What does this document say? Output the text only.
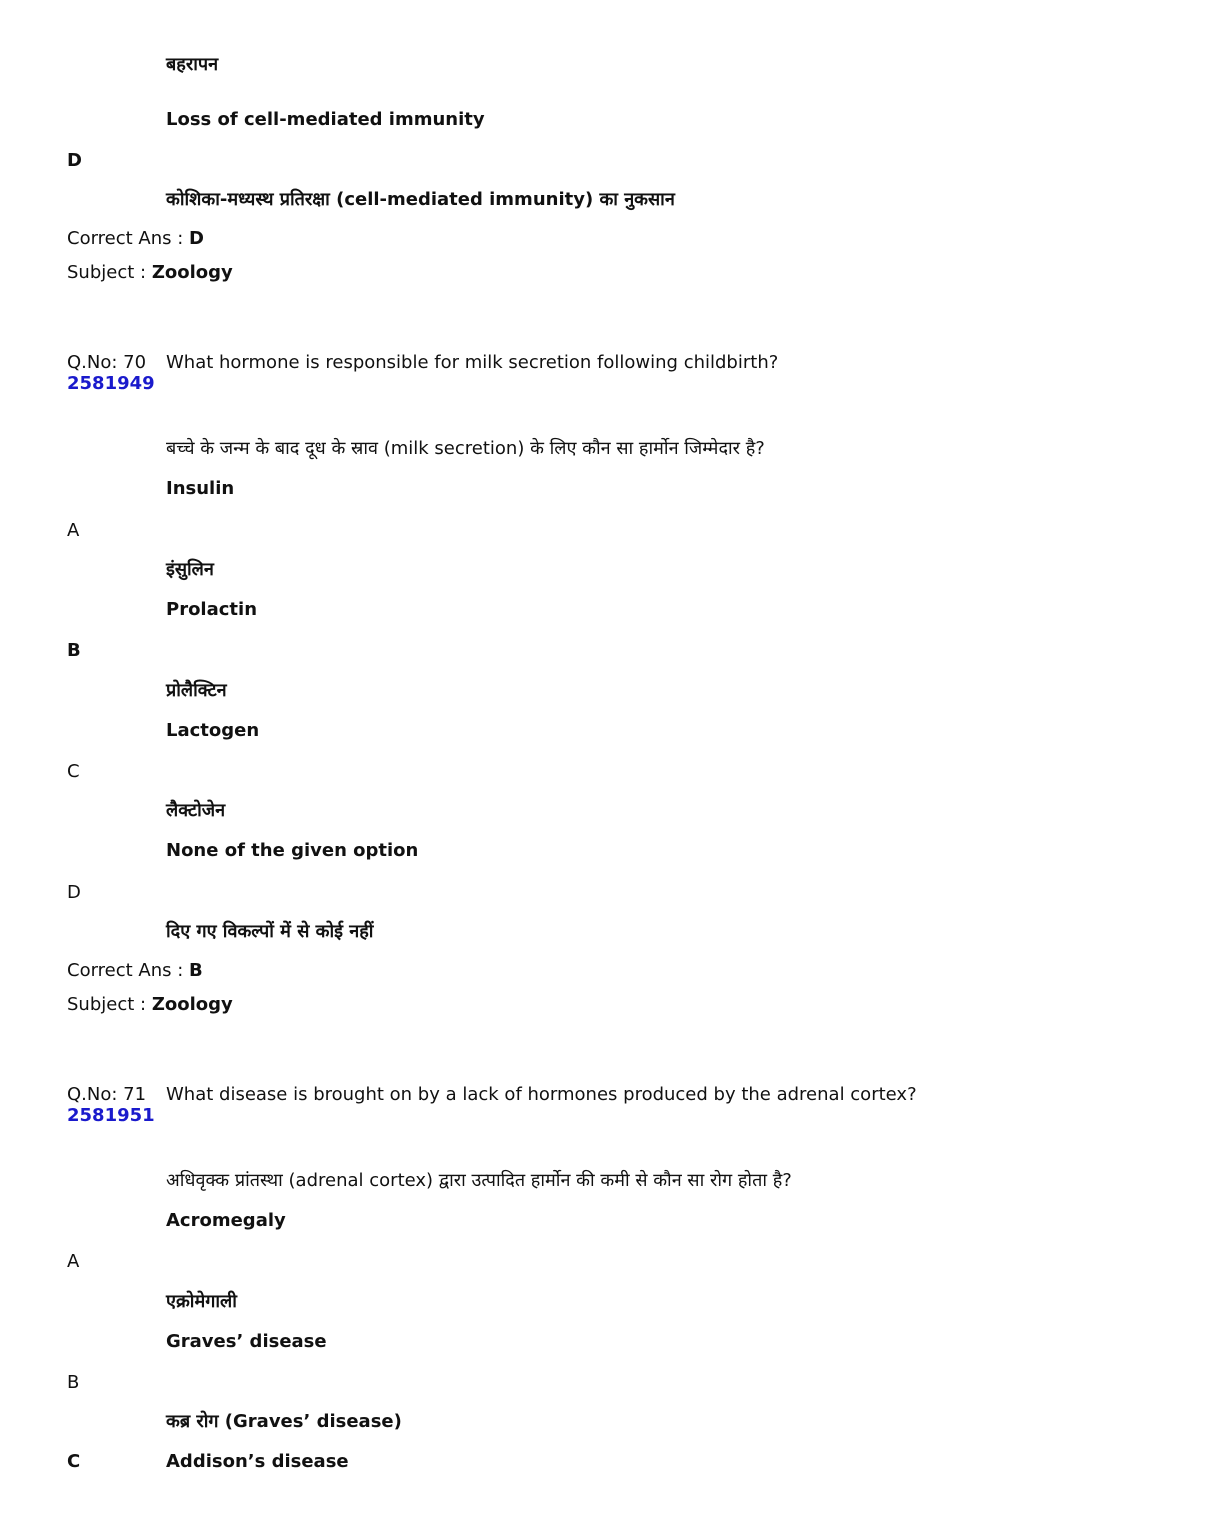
बहरापन
Loss of cell-mediated immunity
D
कोशिका-मध्यस्थ प्रतिरक्षा (cell-mediated immunity) का नुकसान
Correct Ans : D
Subject : Zoology
Q.No: 70
2581949
What hormone is responsible for milk secretion following childbirth?
बच्चे के जन्म के बाद दूध के स्राव (milk secretion) के लिए कौन सा हार्मोन जिम्मेदार है?
Insulin
A
इंसुलिन
Prolactin
B
प्रोलैक्टिन
Lactogen
C
लैक्टोजेन
None of the given option
D
दिए गए विकल्पों में से कोई नहीं
Correct Ans : B
Subject : Zoology
Q.No: 71
2581951
What disease is brought on by a lack of hormones produced by the adrenal cortex?
अधिवृक्क प्रांतस्था (adrenal cortex) द्वारा उत्पादित हार्मोन की कमी से कौन सा रोग होता है?
Acromegaly
A
एक्रोमेगाली
Graves’ disease
B
कब्र रोग (Graves’ disease)
C	Addison’s disease
